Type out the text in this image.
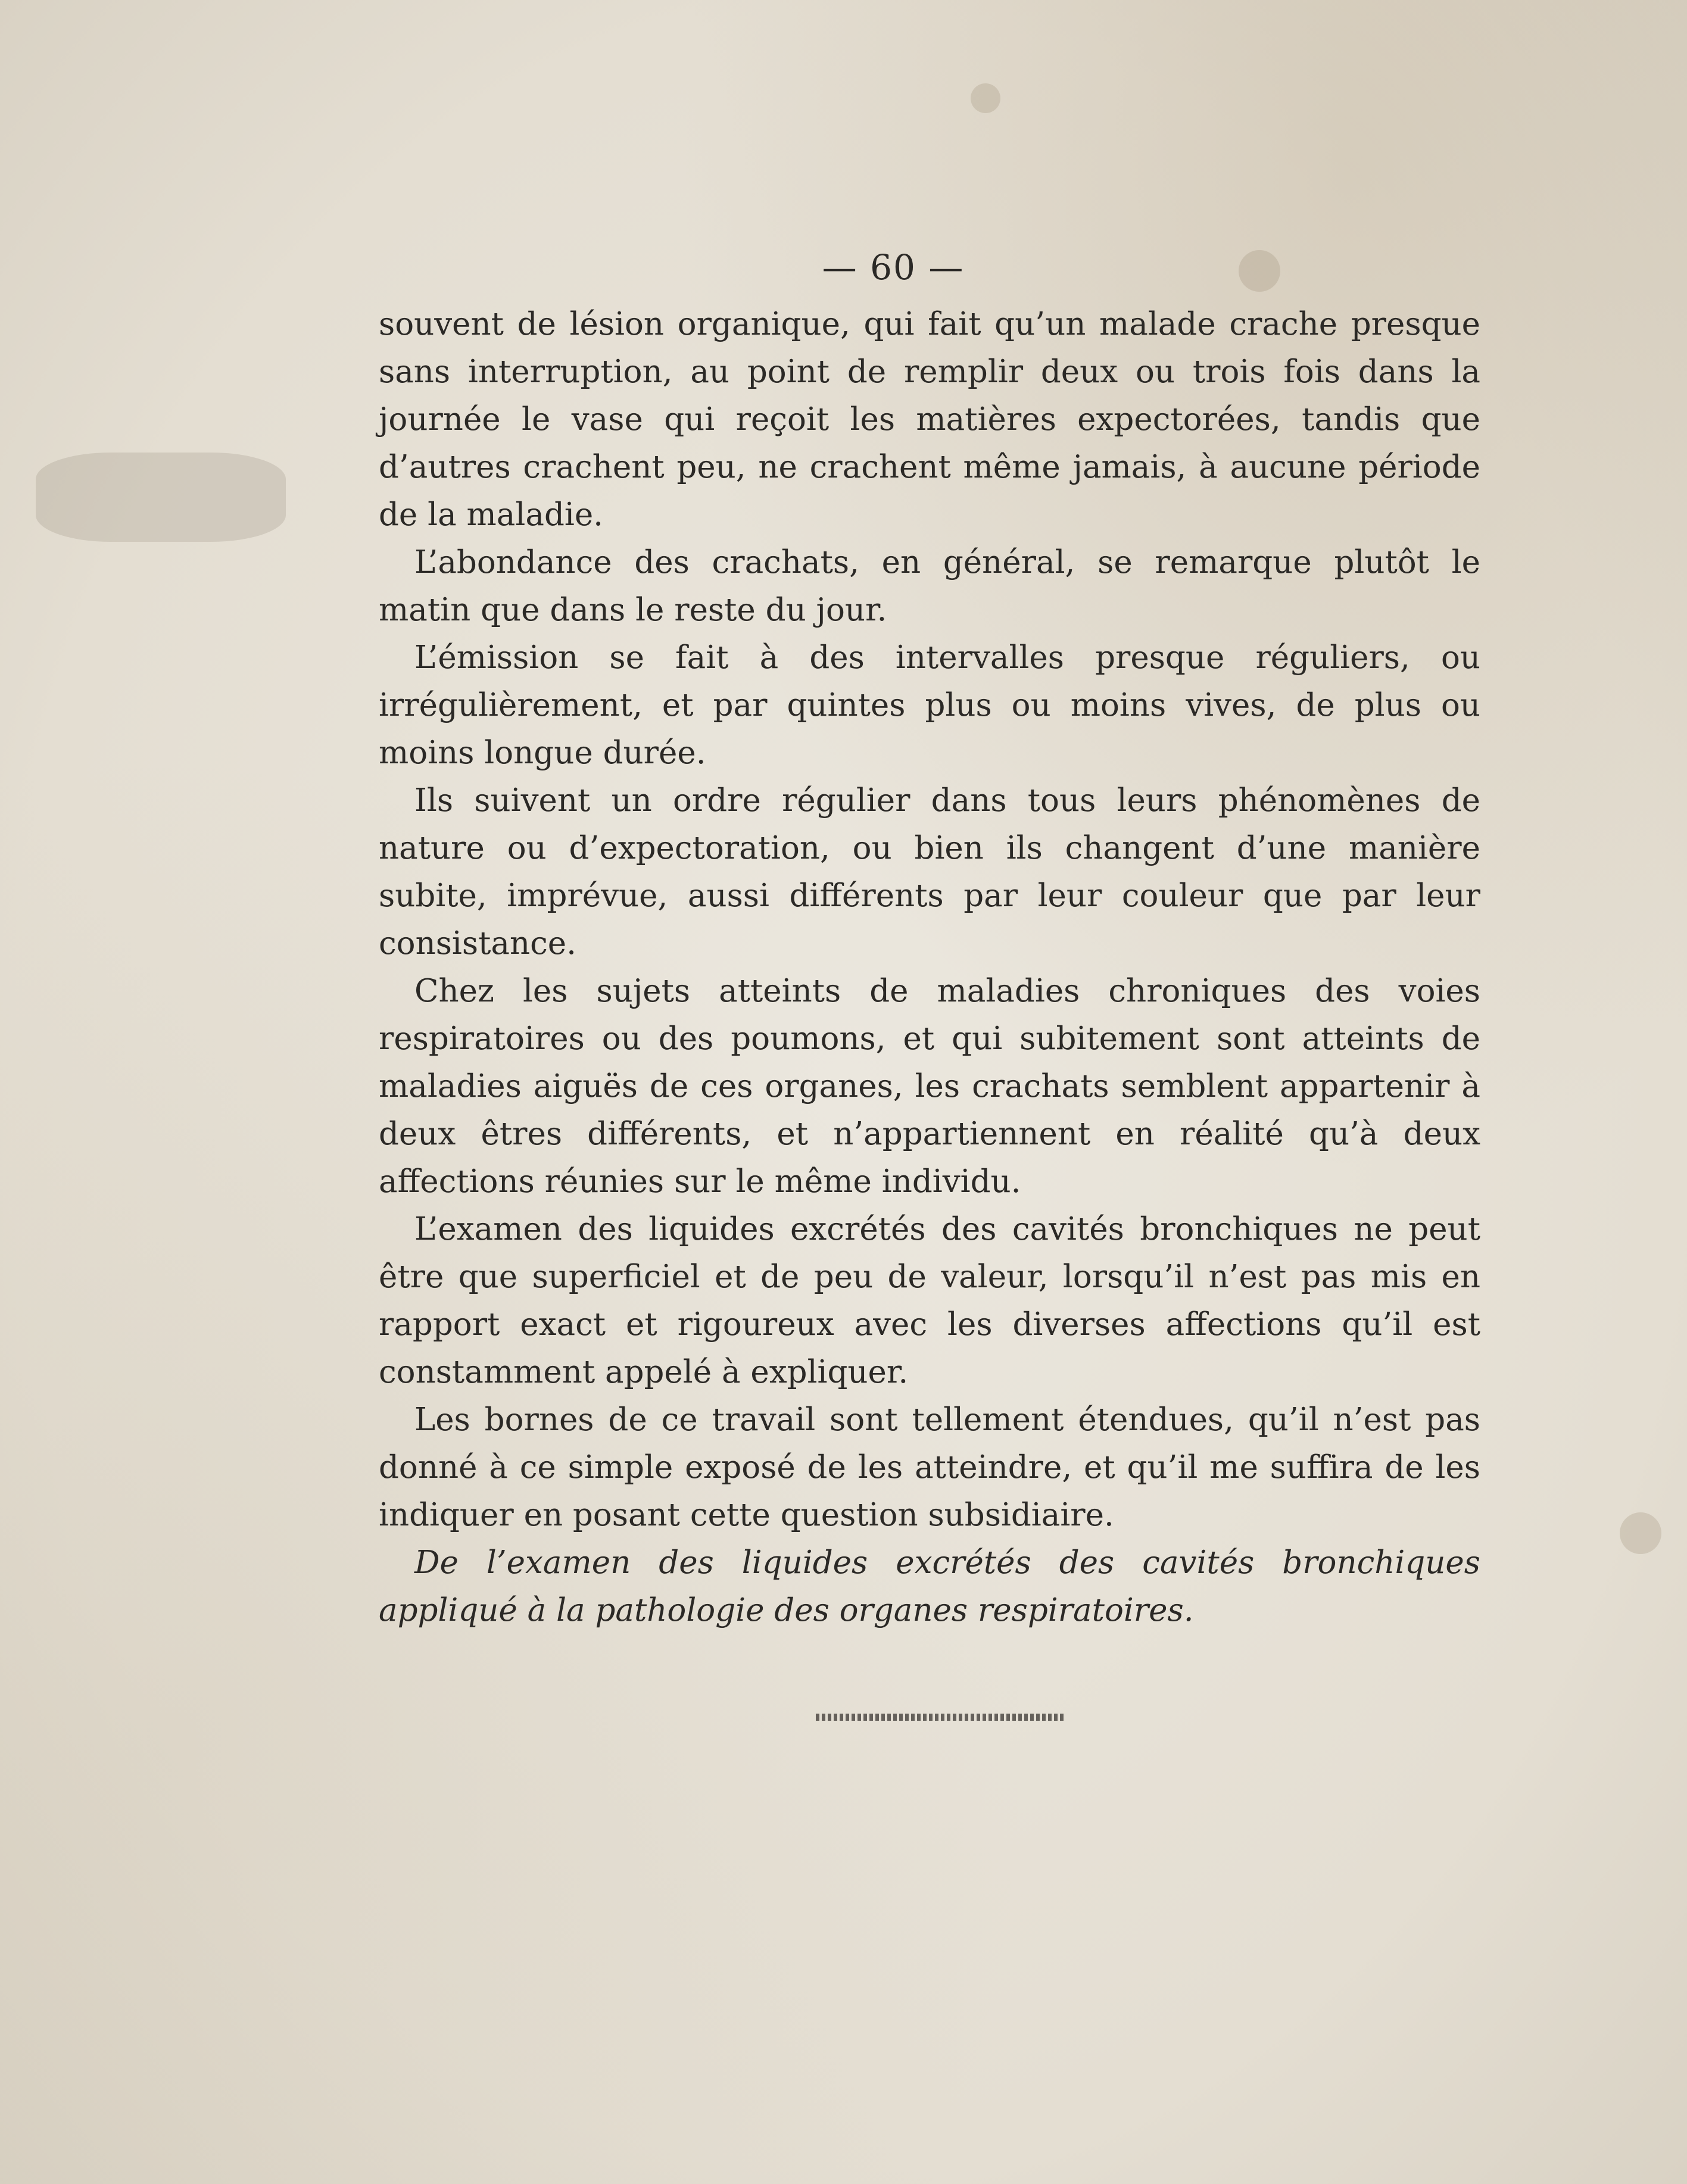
— 60 —

souvent de lésion organique, qui fait qu’un malade crache presque sans interruption, au point de remplir deux ou trois fois dans la journée le vase qui reçoit les matières expectorées, tandis que d’autres crachent peu, ne crachent même jamais, à aucune période de la maladie.

L’abondance des crachats, en général, se remarque plutôt le matin que dans le reste du jour.

L’émission se fait à des intervalles presque réguliers, ou irrégulièrement, et par quintes plus ou moins vives, de plus ou moins longue durée.

Ils suivent un ordre régulier dans tous leurs phénomènes de nature ou d’expectoration, ou bien ils changent d’une manière subite, imprévue, aussi différents par leur couleur que par leur consistance.

Chez les sujets atteints de maladies chroniques des voies respiratoires ou des poumons, et qui subitement sont atteints de maladies aiguës de ces organes, les crachats semblent appartenir à deux êtres différents, et n’appartiennent en réalité qu’à deux affections réunies sur le même individu.

L’examen des liquides excrétés des cavités bronchiques ne peut être que superficiel et de peu de valeur, lorsqu’il n’est pas mis en rapport exact et rigoureux avec les diverses affections qu’il est constamment appelé à expliquer.

Les bornes de ce travail sont tellement étendues, qu’il n’est pas donné à ce simple exposé de les atteindre, et qu’il me suffira de les indiquer en posant cette question subsidiaire.

De l’examen des liquides excrétés des cavités bronchiques appliqué à la pathologie des organes respiratoires.
